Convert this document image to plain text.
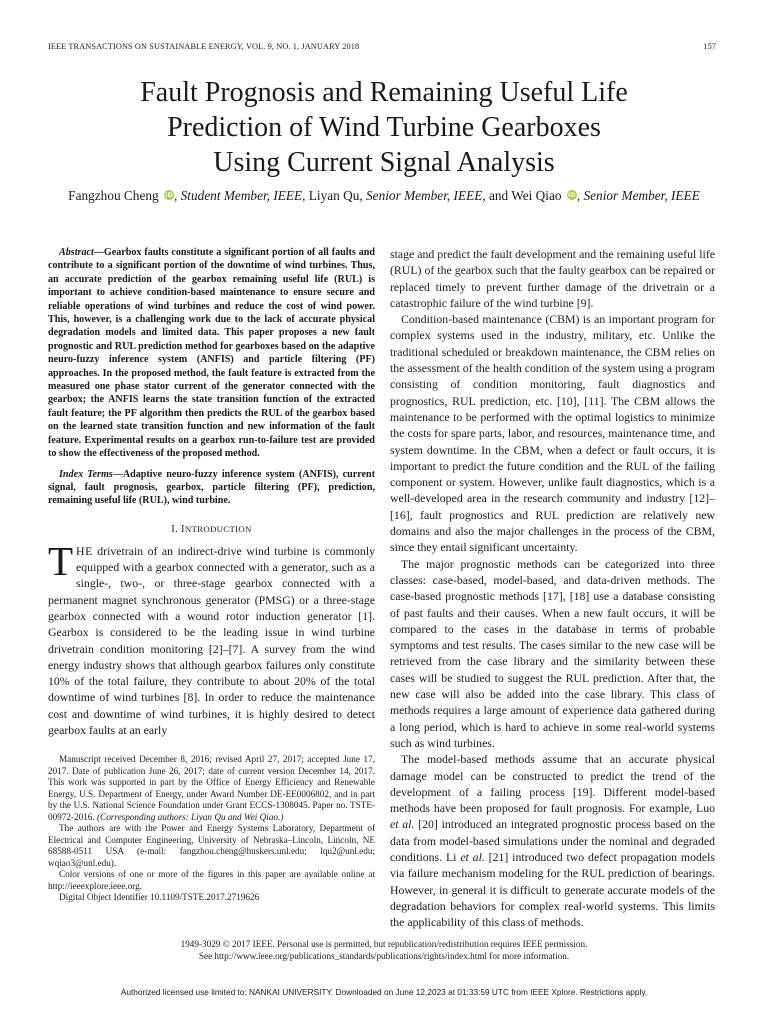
IEEE TRANSACTIONS ON SUSTAINABLE ENERGY, VOL. 9, NO. 1, JANUARY 2018	157
Fault Prognosis and Remaining Useful Life
Prediction of Wind Turbine Gearboxes
Using Current Signal Analysis
Fangzhou Cheng iD, Student Member, IEEE, Liyan Qu, Senior Member, IEEE, and Wei Qiao iD, Senior Member, IEEE
Abstract—Gearbox faults constitute a significant portion of all faults and contribute to a significant portion of the downtime of wind turbines. Thus, an accurate prediction of the gearbox remaining useful life (RUL) is important to achieve condition-based maintenance to ensure secure and reliable operations of wind turbines and reduce the cost of wind power. This, however, is a challenging work due to the lack of accurate physical degradation models and limited data. This paper proposes a new fault prognostic and RUL prediction method for gearboxes based on the adaptive neuro-fuzzy inference system (ANFIS) and particle filtering (PF) approaches. In the proposed method, the fault feature is extracted from the measured one phase stator current of the generator connected with the gearbox; the ANFIS learns the state transition function of the extracted fault feature; the PF algorithm then predicts the RUL of the gearbox based on the learned state transition function and new information of the fault feature. Experimental results on a gearbox run-to-failure test are provided to show the effectiveness of the proposed method.
Index Terms—Adaptive neuro-fuzzy inference system (ANFIS), current signal, fault prognosis, gearbox, particle filtering (PF), prediction, remaining useful life (RUL), wind turbine.
I. INTRODUCTION
THE drivetrain of an indirect-drive wind turbine is commonly equipped with a gearbox connected with a generator, such as a single-, two-, or three-stage gearbox connected with a permanent magnet synchronous generator (PMSG) or a three-stage gearbox connected with a wound rotor induction generator [1]. Gearbox is considered to be the leading issue in wind turbine drivetrain condition monitoring [2]–[7]. A survey from the wind energy industry shows that although gearbox failures only constitute 10% of the total failure, they contribute to about 20% of the total downtime of wind turbines [8]. In order to reduce the maintenance cost and downtime of wind turbines, it is highly desired to detect gearbox faults at an early

Manuscript received December 8, 2016; revised April 27, 2017; accepted June 17, 2017. Date of publication June 26, 2017; date of current version December 14, 2017. This work was supported in part by the Office of Energy Efficiency and Renewable Energy, U.S. Department of Energy, under Award Number DE-EE0006802, and in part by the U.S. National Science Foundation under Grant ECCS-1308045. Paper no. TSTE-00972-2016. (Corresponding authors: Liyan Qu and Wei Qiao.)

The authors are with the Power and Energy Systems Laboratory, Department of Electrical and Computer Engineering, University of Nebraska–Lincoln, Lincoln, NE 68588-0511 USA (e-mail: fangzhou.cheng@huskers.unl.edu; lqu2@unl.edu; wqiao3@unl.edu).

Color versions of one or more of the figures in this paper are available online at http://ieeexplore.ieee.org.

Digital Object Identifier 10.1109/TSTE.2017.2719626

stage and predict the fault development and the remaining useful life (RUL) of the gearbox such that the faulty gearbox can be repaired or replaced timely to prevent further damage of the drivetrain or a catastrophic failure of the wind turbine [9].

Condition-based maintenance (CBM) is an important program for complex systems used in the industry, military, etc. Unlike the traditional scheduled or breakdown maintenance, the CBM relies on the assessment of the health condition of the system using a program consisting of condition monitoring, fault diagnostics and prognostics, RUL prediction, etc. [10], [11]. The CBM allows the maintenance to be performed with the optimal logistics to minimize the costs for spare parts, labor, and resources, maintenance time, and system downtime. In the CBM, when a defect or fault occurs, it is important to predict the future condition and the RUL of the failing component or system. However, unlike fault diagnostics, which is a well-developed area in the research community and industry [12]–[16], fault prognostics and RUL prediction are relatively new domains and also the major challenges in the process of the CBM, since they entail significant uncertainty.

The major prognostic methods can be categorized into three classes: case-based, model-based, and data-driven methods. The case-based prognostic methods [17], [18] use a database consisting of past faults and their causes. When a new fault occurs, it will be compared to the cases in the database in terms of probable symptoms and test results. The cases similar to the new case will be retrieved from the case library and the similarity between these cases will be studied to suggest the RUL prediction. After that, the new case will also be added into the case library. This class of methods requires a large amount of experience data gathered during a long period, which is hard to achieve in some real-world systems such as wind turbines.

The model-based methods assume that an accurate physical damage model can be constructed to predict the trend of the development of a failing process [19]. Different model-based methods have been proposed for fault prognosis. For example, Luo et al. [20] introduced an integrated prognostic process based on the data from model-based simulations under the nominal and degraded conditions. Li et al. [21] introduced two defect propagation models via failure mechanism modeling for the RUL prediction of bearings. However, in general it is difficult to generate accurate models of the degradation behaviors for complex real-world systems. This limits the applicability of this class of methods.

1949-3029 © 2017 IEEE. Personal use is permitted, but republication/redistribution requires IEEE permission.
See http://www.ieee.org/publications_standards/publications/rights/index.html for more information.
Authorized licensed use limited to: NANKAI UNIVERSITY. Downloaded on June 12,2023 at 01:33:59 UTC from IEEE Xplore. Restrictions apply.
